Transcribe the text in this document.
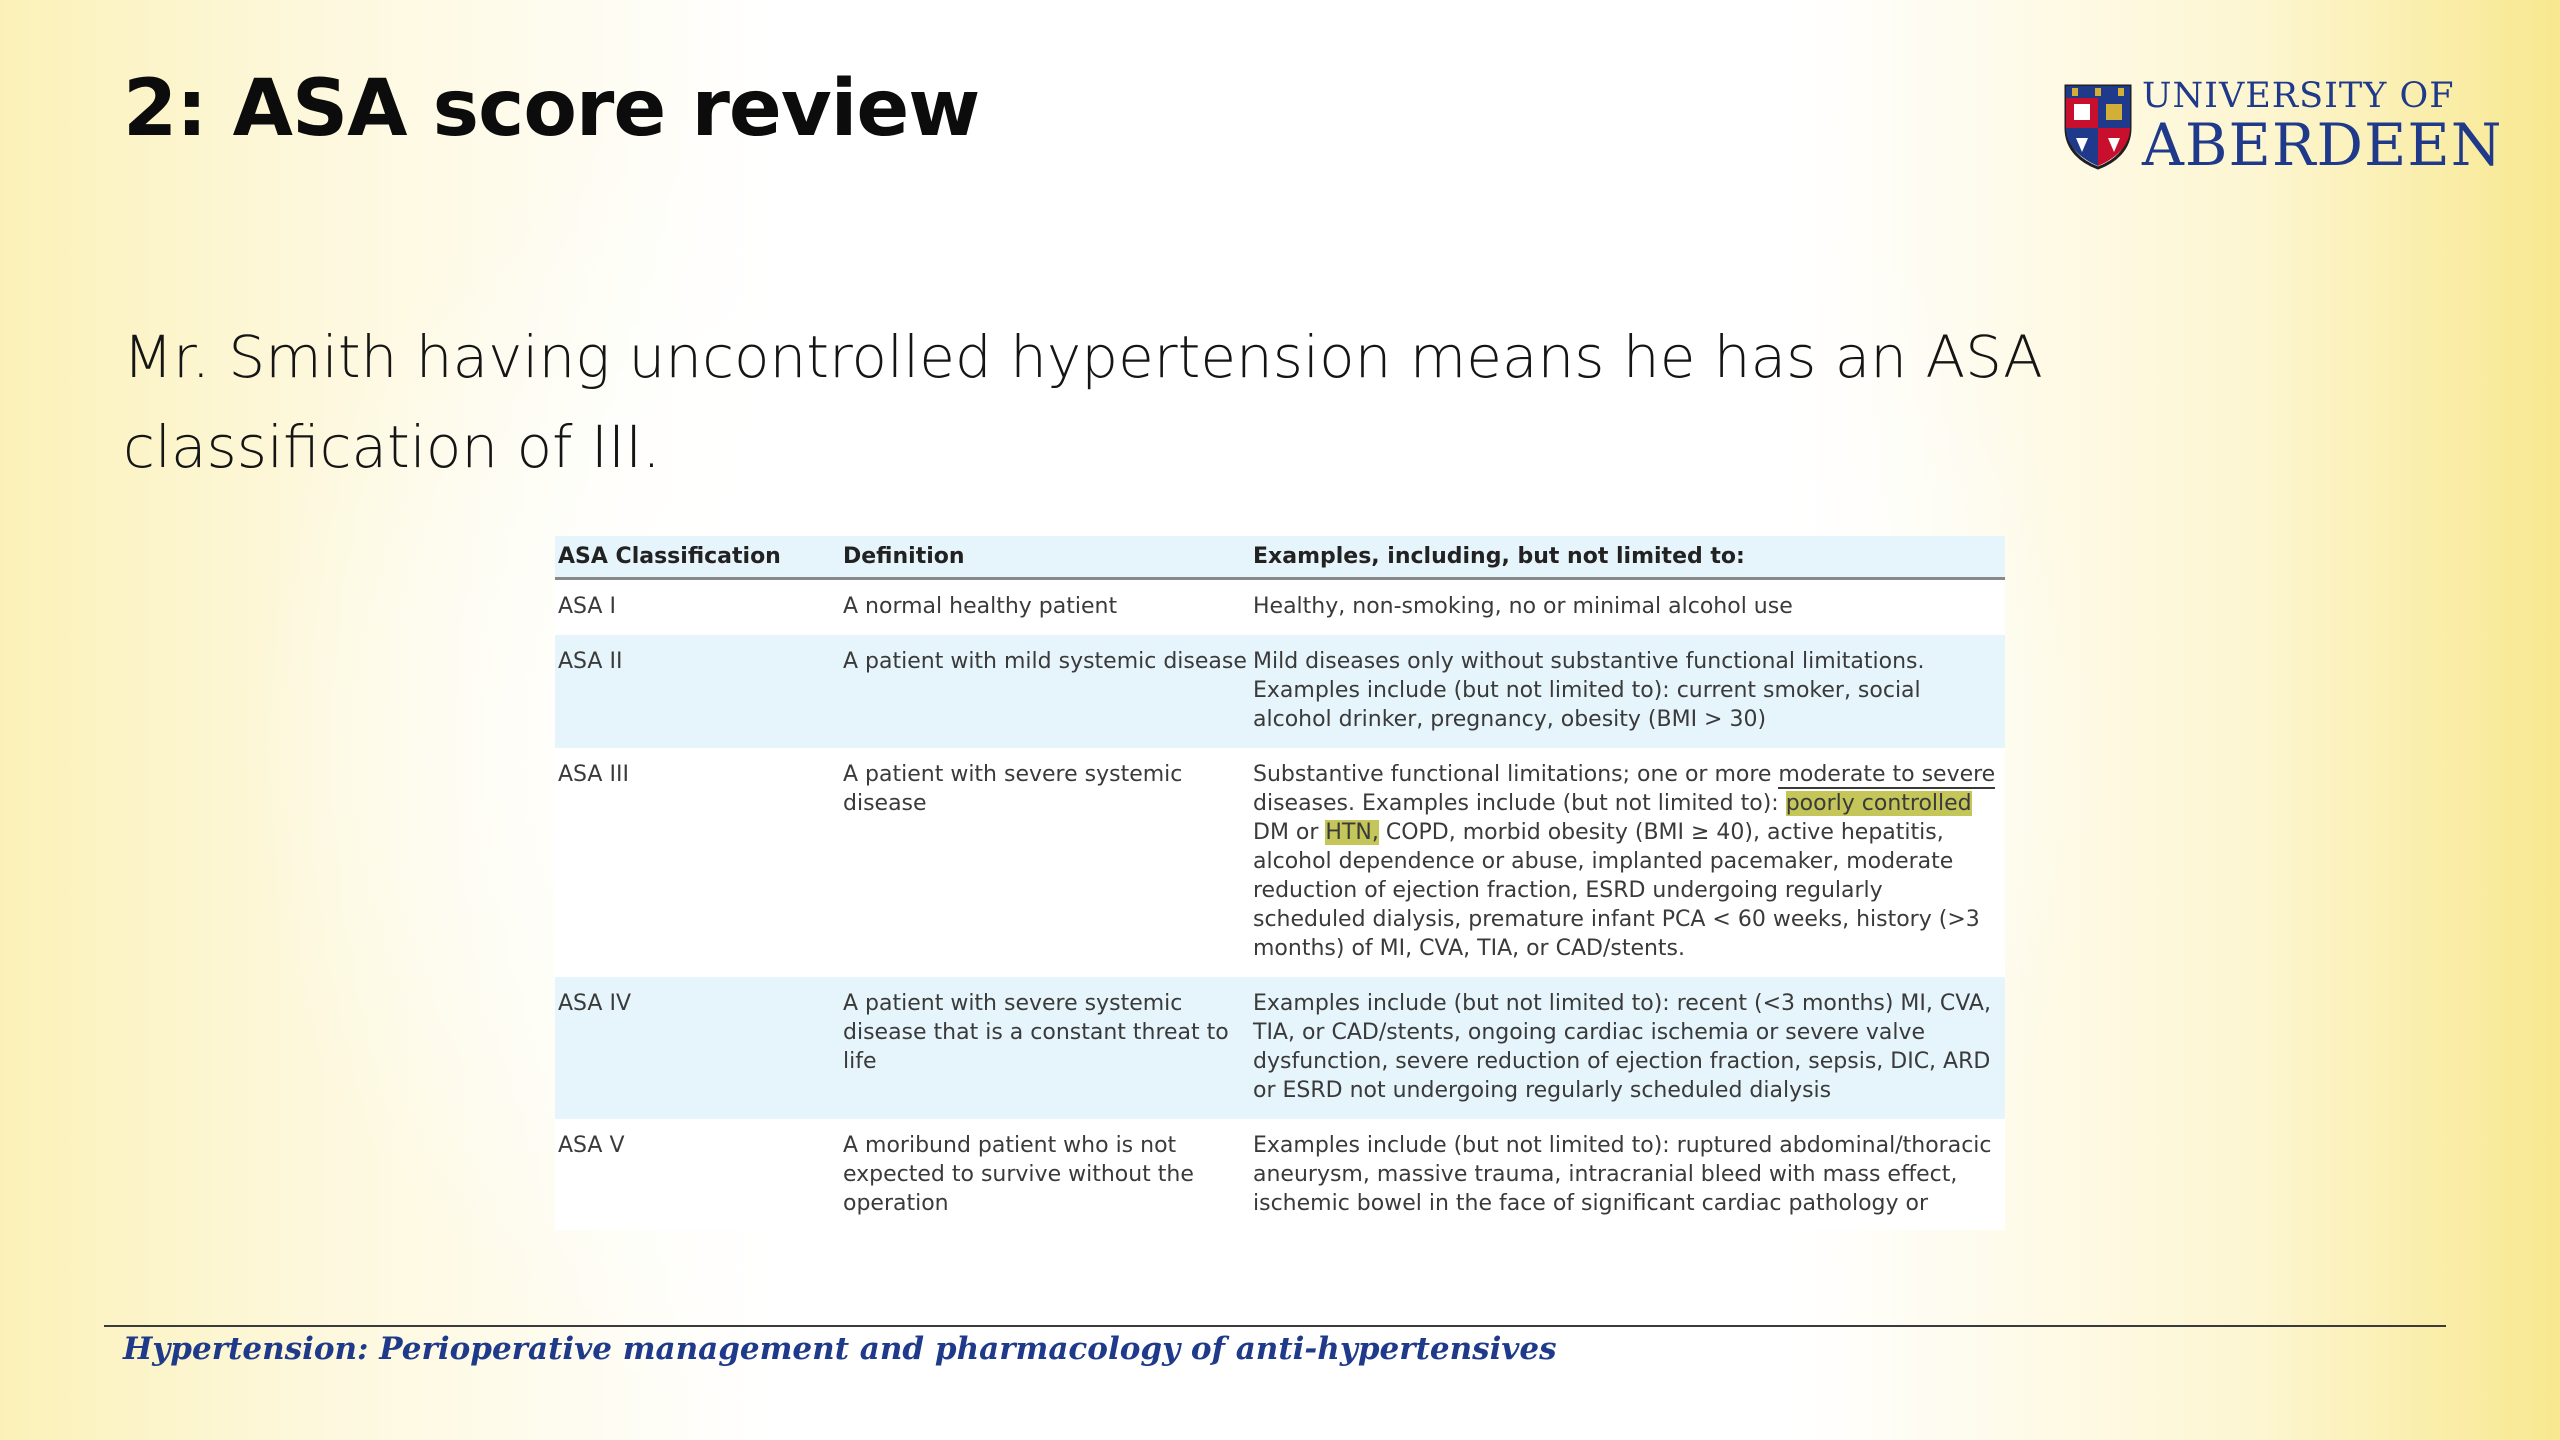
2: ASA score review	UNIVERSITY OF
ABERDEEN

Mr. Smith having uncontrolled hypertension means he has an ASA classification of III.

ASA Classification	Definition	Examples, including, but not limited to:
ASA I	A normal healthy patient	Healthy, non-smoking, no or minimal alcohol use
ASA II	A patient with mild systemic disease	Mild diseases only without substantive functional limitations. Examples include (but not limited to): current smoker, social alcohol drinker, pregnancy, obesity (BMI > 30)
ASA III	A patient with severe systemic disease	Substantive functional limitations; one or more moderate to severe diseases. Examples include (but not limited to): poorly controlled DM or HTN, COPD, morbid obesity (BMI ≥ 40), active hepatitis, alcohol dependence or abuse, implanted pacemaker, moderate reduction of ejection fraction, ESRD undergoing regularly scheduled dialysis, premature infant PCA < 60 weeks, history (>3 months) of MI, CVA, TIA, or CAD/stents.
ASA IV	A patient with severe systemic disease that is a constant threat to life	Examples include (but not limited to): recent (<3 months) MI, CVA, TIA, or CAD/stents, ongoing cardiac ischemia or severe valve dysfunction, severe reduction of ejection fraction, sepsis, DIC, ARD or ESRD not undergoing regularly scheduled dialysis
ASA V	A moribund patient who is not expected to survive without the operation	Examples include (but not limited to): ruptured abdominal/thoracic aneurysm, massive trauma, intracranial bleed with mass effect, ischemic bowel in the face of significant cardiac pathology or

Hypertension: Perioperative management and pharmacology of anti-hypertensives
